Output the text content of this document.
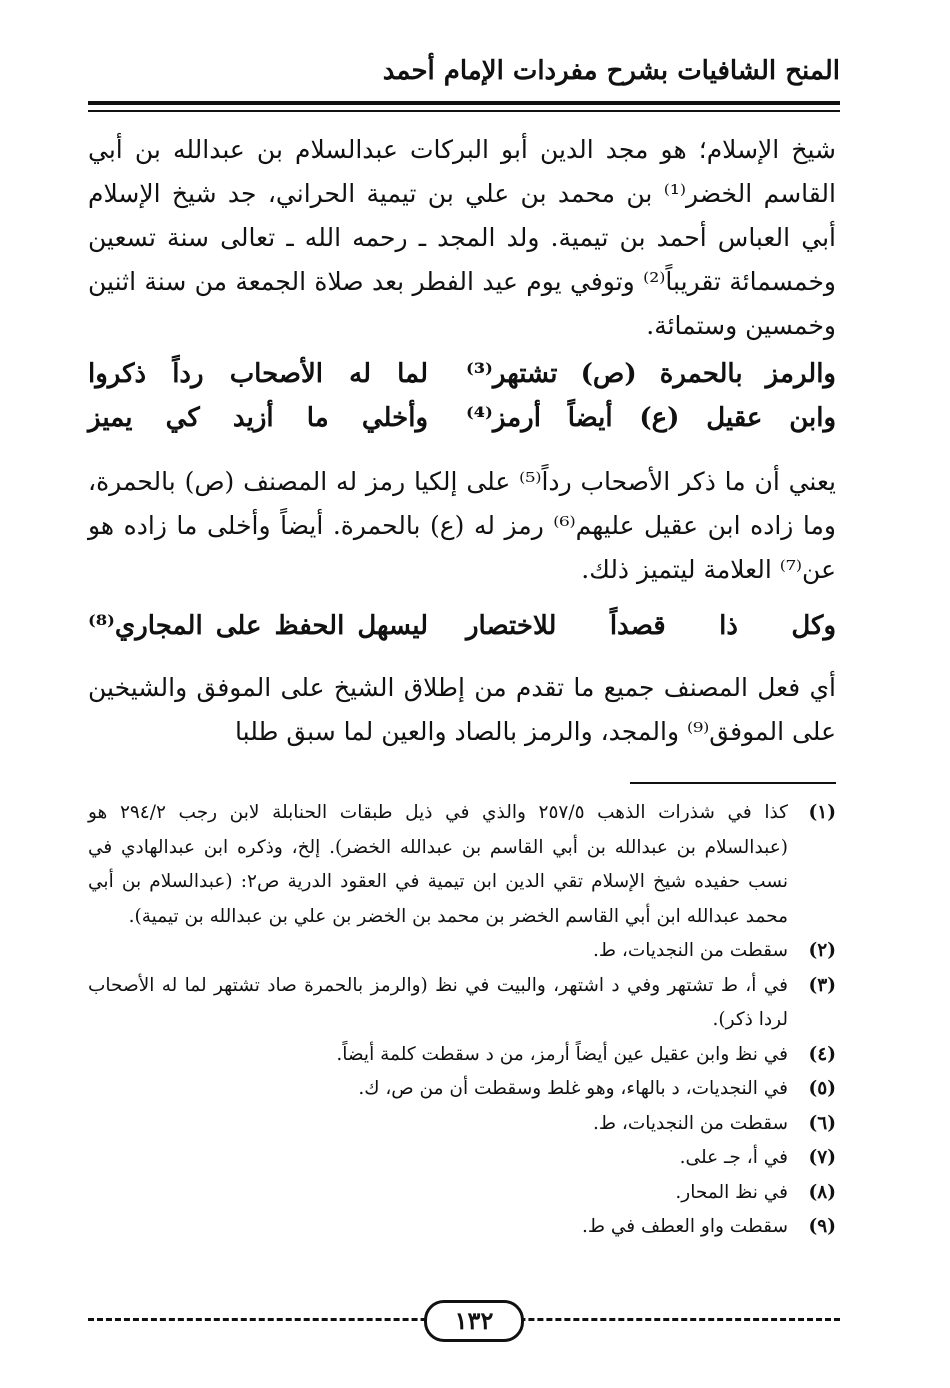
المنح الشافيات بشرح مفردات الإمام أحمد
شيخ الإسلام؛ هو مجد الدين أبو البركات عبدالسلام بن عبدالله بن أبي القاسم الخضر⁽¹⁾ بن محمد بن علي بن تيمية الحراني، جد شيخ الإسلام أبي العباس أحمد بن تيمية. ولد المجد ـ رحمه الله ـ تعالى سنة تسعين وخمسمائة تقريباً⁽²⁾ وتوفي يوم عيد الفطر بعد صلاة الجمعة من سنة اثنين وخمسين وستمائة.
والرمز بالحمرة (ص) تشتهر⁽³⁾
لما له الأصحاب رداً ذكروا
وابن عقيل (ع) أيضاً أرمز⁽⁴⁾
وأخلي ما أزيد كي يميز
يعني أن ما ذكر الأصحاب رداً⁽⁵⁾ على إلكيا رمز له المصنف (ص) بالحمرة، وما زاده ابن عقيل عليهم⁽⁶⁾ رمز له (ع) بالحمرة. أيضاً وأخلى ما زاده هو عن⁽⁷⁾ العلامة ليتميز ذلك.
وكل ذا قصداً للاختصار
ليسهل الحفظ على المجاري⁽⁸⁾
أي فعل المصنف جميع ما تقدم من إطلاق الشيخ على الموفق والشيخين على الموفق⁽⁹⁾ والمجد، والرمز بالصاد والعين لما سبق طلبا
(١)
كذا في شذرات الذهب ٢٥٧/٥ والذي في ذيل طبقات الحنابلة لابن رجب ٢٩٤/٢ هو (عبدالسلام بن عبدالله بن أبي القاسم بن عبدالله الخضر). إلخ، وذكره ابن عبدالهادي في نسب حفيده شيخ الإسلام تقي الدين ابن تيمية في العقود الدرية ص٢: (عبدالسلام بن أبي محمد عبدالله ابن أبي القاسم الخضر بن محمد بن الخضر بن علي بن عبدالله بن تيمية).
(٢)
سقطت من النجديات، ط.
(٣)
في أ، ط تشتهر وفي د اشتهر، والبيت في نظ (والرمز بالحمرة صاد تشتهر لما له الأصحاب لردا ذكر).
(٤)
في نظ وابن عقيل عين أيضاً أرمز، من د سقطت كلمة أيضاً.
(٥)
في النجديات، د بالهاء، وهو غلط وسقطت أن من ص، ك.
(٦)
سقطت من النجديات، ط.
(٧)
في أ، جـ على.
(٨)
في نظ المحار.
(٩)
سقطت واو العطف في ط.
١٣٢
